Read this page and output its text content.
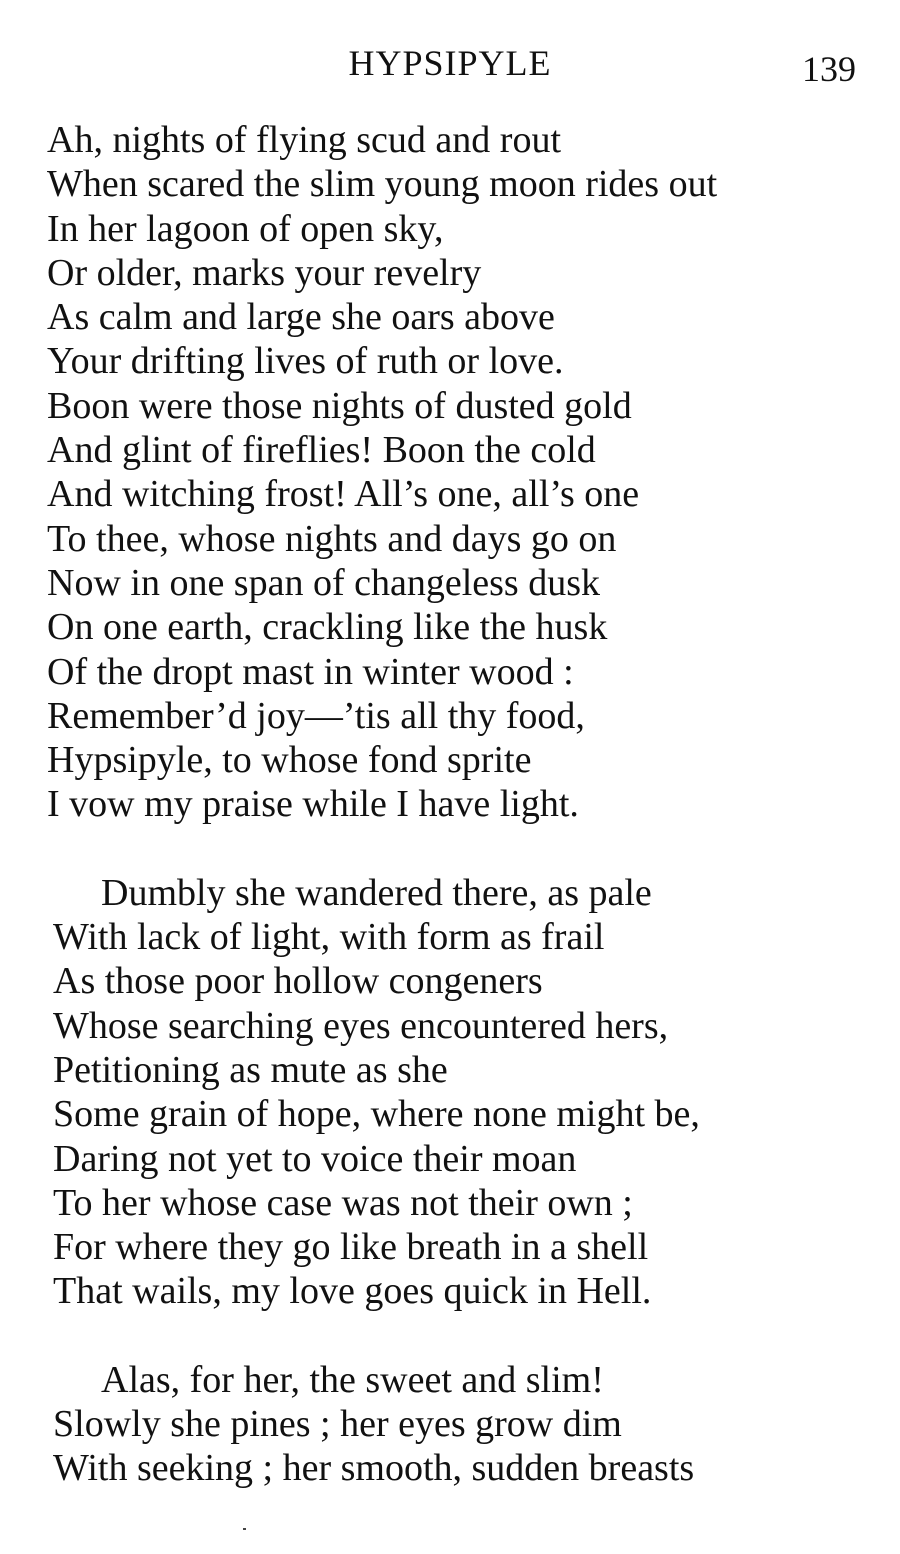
HYPSIPYLE	139
Ah, nights of flying scud and rout
When scared the slim young moon rides out
In her lagoon of open sky,
Or older, marks your revelry
As calm and large she oars above
Your drifting lives of ruth or love.
Boon were those nights of dusted gold
And glint of fireflies! Boon the cold
And witching frost! All’s one, all’s one
To thee, whose nights and days go on
Now in one span of changeless dusk
On one earth, crackling like the husk
Of the dropt mast in winter wood :
Remember’d joy—’tis all thy food,
Hypsipyle, to whose fond sprite
I vow my praise while I have light.
Dumbly she wandered there, as pale
With lack of light, with form as frail
As those poor hollow congeners
Whose searching eyes encountered hers,
Petitioning as mute as she
Some grain of hope, where none might be,
Daring not yet to voice their moan
To her whose case was not their own ;
For where they go like breath in a shell
That wails, my love goes quick in Hell.
Alas, for her, the sweet and slim!
Slowly she pines ; her eyes grow dim
With seeking ; her smooth, sudden breasts
